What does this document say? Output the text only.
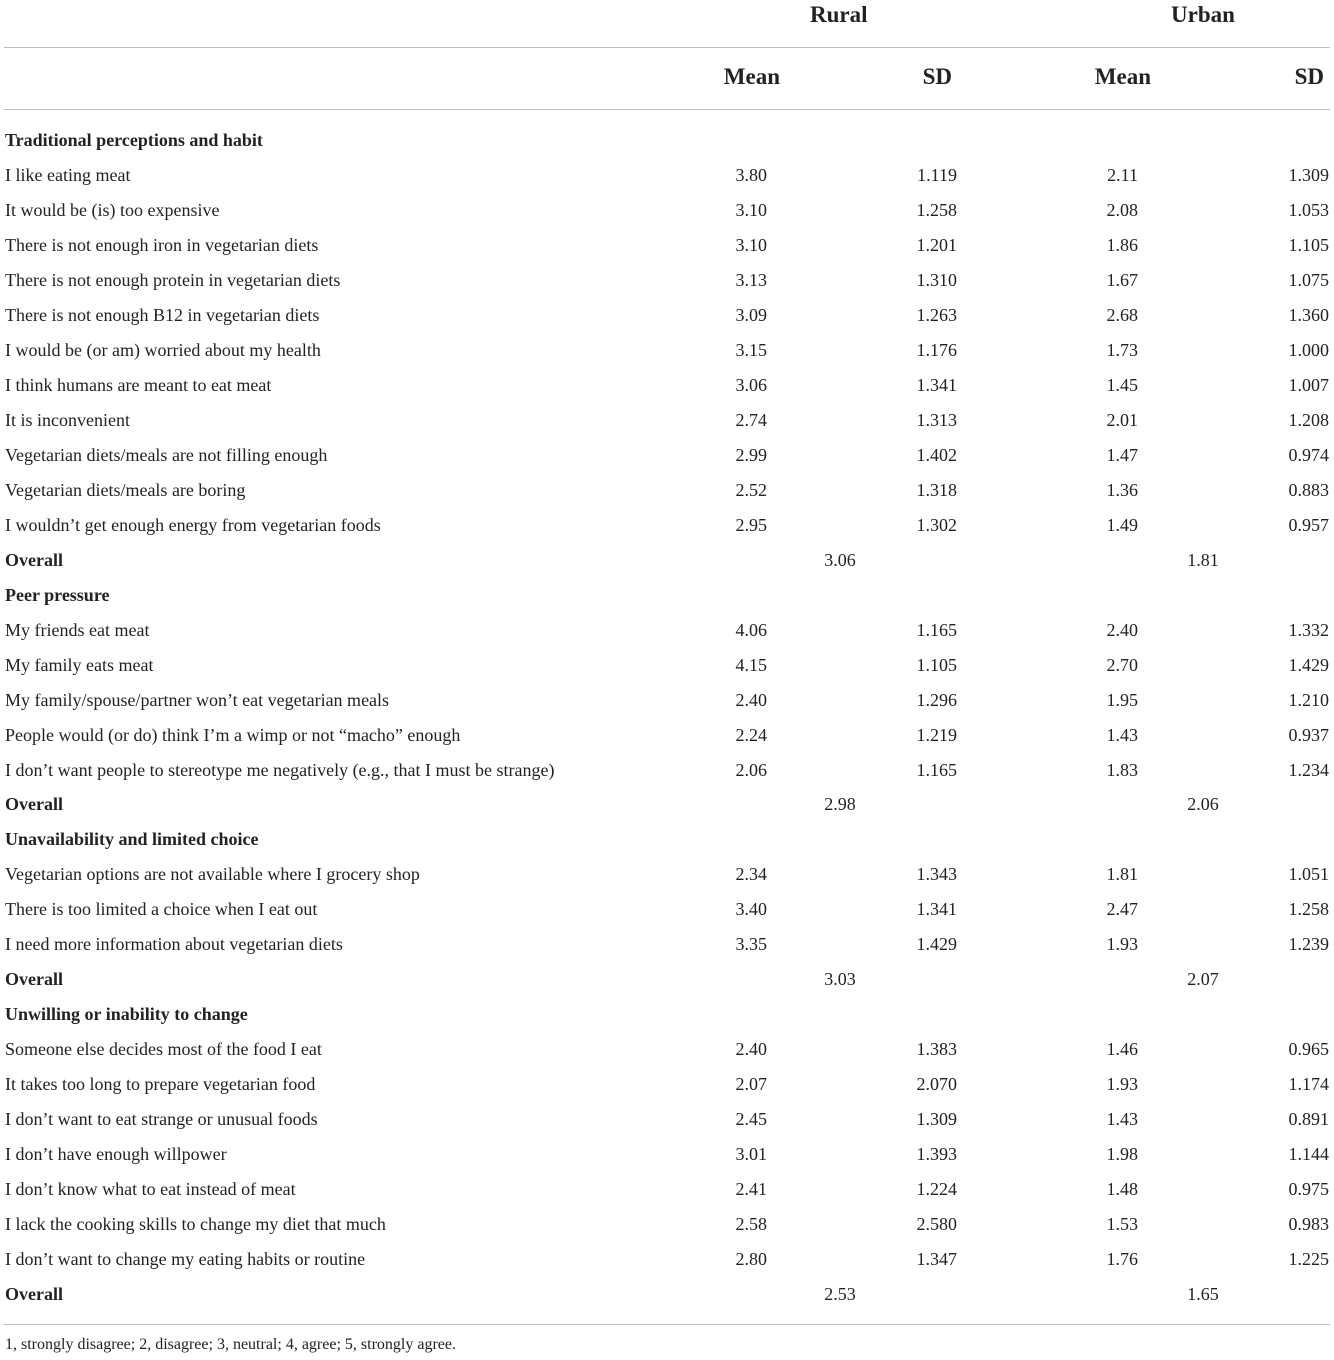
Rural	Urban
Mean	SD	Mean	SD
Traditional perceptions and habit
I like eating meat	3.80	1.119	2.11	1.309
It would be (is) too expensive	3.10	1.258	2.08	1.053
There is not enough iron in vegetarian diets	3.10	1.201	1.86	1.105
There is not enough protein in vegetarian diets	3.13	1.310	1.67	1.075
There is not enough B12 in vegetarian diets	3.09	1.263	2.68	1.360
I would be (or am) worried about my health	3.15	1.176	1.73	1.000
I think humans are meant to eat meat	3.06	1.341	1.45	1.007
It is inconvenient	2.74	1.313	2.01	1.208
Vegetarian diets/meals are not filling enough	2.99	1.402	1.47	0.974
Vegetarian diets/meals are boring	2.52	1.318	1.36	0.883
I wouldn’t get enough energy from vegetarian foods	2.95	1.302	1.49	0.957
Overall	3.06	1.81
Peer pressure
My friends eat meat	4.06	1.165	2.40	1.332
My family eats meat	4.15	1.105	2.70	1.429
My family/spouse/partner won’t eat vegetarian meals	2.40	1.296	1.95	1.210
People would (or do) think I’m a wimp or not “macho” enough	2.24	1.219	1.43	0.937
I don’t want people to stereotype me negatively (e.g., that I must be strange)	2.06	1.165	1.83	1.234
Overall	2.98	2.06
Unavailability and limited choice
Vegetarian options are not available where I grocery shop	2.34	1.343	1.81	1.051
There is too limited a choice when I eat out	3.40	1.341	2.47	1.258
I need more information about vegetarian diets	3.35	1.429	1.93	1.239
Overall	3.03	2.07
Unwilling or inability to change
Someone else decides most of the food I eat	2.40	1.383	1.46	0.965
It takes too long to prepare vegetarian food	2.07	2.070	1.93	1.174
I don’t want to eat strange or unusual foods	2.45	1.309	1.43	0.891
I don’t have enough willpower	3.01	1.393	1.98	1.144
I don’t know what to eat instead of meat	2.41	1.224	1.48	0.975
I lack the cooking skills to change my diet that much	2.58	2.580	1.53	0.983
I don’t want to change my eating habits or routine	2.80	1.347	1.76	1.225
Overall	2.53	1.65
1, strongly disagree; 2, disagree; 3, neutral; 4, agree; 5, strongly agree.
